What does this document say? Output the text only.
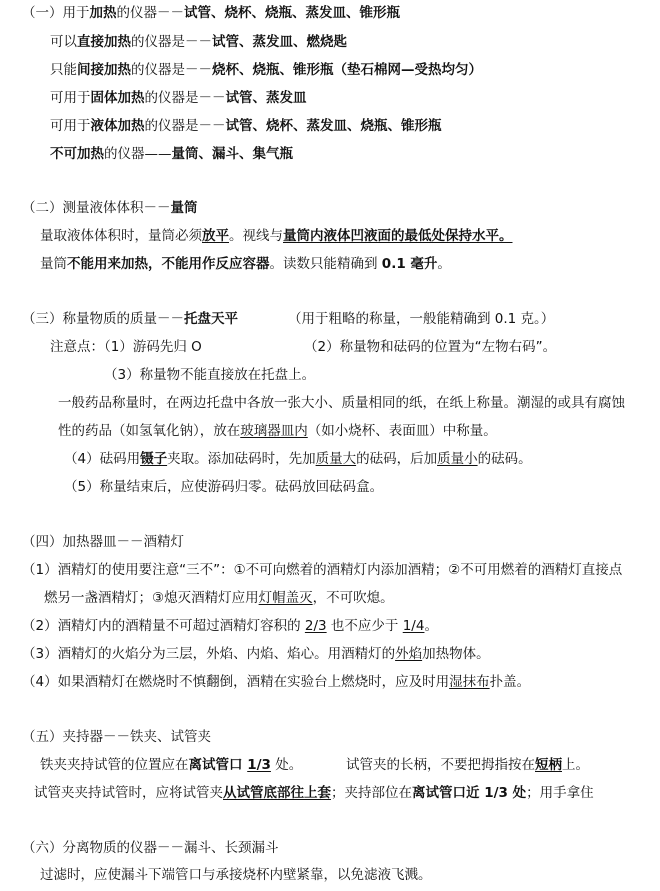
（一）用于加热的仪器－－试管、烧杯、烧瓶、蒸发皿、锥形瓶
可以直接加热的仪器是－－试管、蒸发皿、燃烧匙
只能间接加热的仪器是－－烧杯、烧瓶、锥形瓶（垫石棉网—受热均匀）
可用于固体加热的仪器是－－试管、蒸发皿
可用于液体加热的仪器是－－试管、烧杯、蒸发皿、烧瓶、锥形瓶
不可加热的仪器——量筒、漏斗、集气瓶
（二）测量液体体积－－量筒
量取液体体积时，量筒必须放平。视线与量筒内液体凹液面的最低处保持水平。
量筒不能用来加热，不能用作反应容器。读数只能精确到 0.1 毫升。
（三）称量物质的质量－－托盘天平	（用于粗略的称量，一般能精确到 0.1 克。）
注意点：（1）游码先归 O	（2）称量物和砝码的位置为“左物右码”。
（3）称量物不能直接放在托盘上。
一般药品称量时，在两边托盘中各放一张大小、质量相同的纸，在纸上称量。潮湿的或具有腐蚀
性的药品（如氢氧化钠），放在玻璃器皿内（如小烧杯、表面皿）中称量。
（4）砝码用镊子夹取。添加砝码时，先加质量大的砝码，后加质量小的砝码。
（5）称量结束后，应使游码归零。砝码放回砝码盒。
（四）加热器皿－－酒精灯
（1）酒精灯的使用要注意“三不”：①不可向燃着的酒精灯内添加酒精；②不可用燃着的酒精灯直接点
燃另一盏酒精灯；③熄灭酒精灯应用灯帽盖灭，不可吹熄。
（2）酒精灯内的酒精量不可超过酒精灯容积的 2/3 也不应少于 1/4。
（3）酒精灯的火焰分为三层，外焰、内焰、焰心。用酒精灯的外焰加热物体。
（4）如果酒精灯在燃烧时不慎翻倒，酒精在实验台上燃烧时，应及时用湿抹布扑盖。
（五）夹持器－－铁夹、试管夹
铁夹夹持试管的位置应在离试管口 1/3 处。	试管夹的长柄，不要把拇指按在短柄上。
试管夹夹持试管时，应将试管夹从试管底部往上套；夹持部位在离试管口近 1/3 处；用手拿住
（六）分离物质的仪器－－漏斗、长颈漏斗
过滤时，应使漏斗下端管口与承接烧杯内壁紧靠，以免滤液飞溅。
